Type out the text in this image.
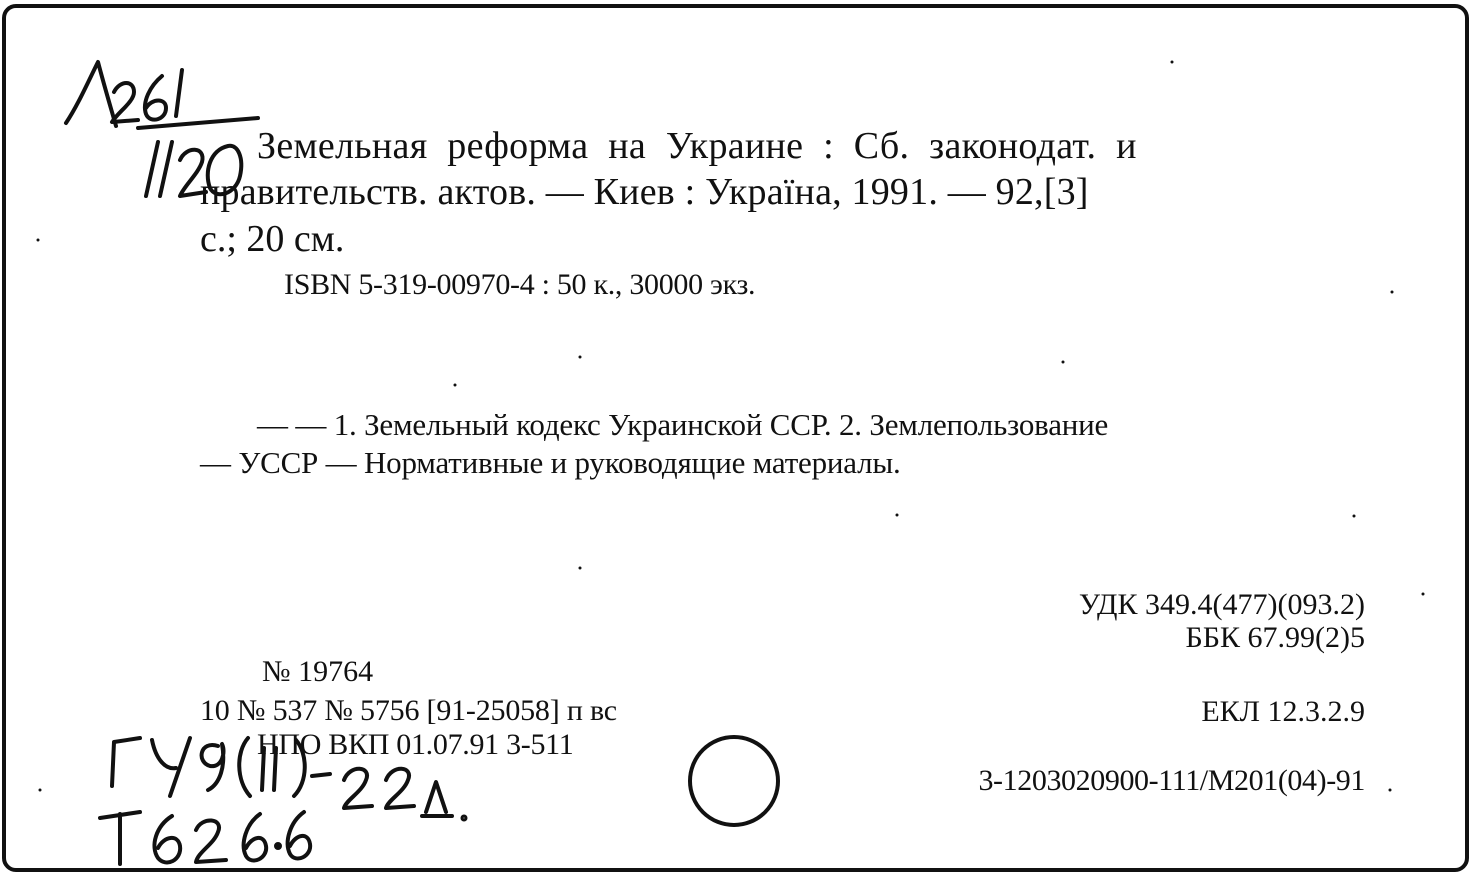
Земельная реформа на Украине : Сб. законодат. и
правительств. актов. — Киев : Україна, 1991. — 92,[3]
с.; 20 см.
ISBN 5-319-00970-4 : 50 к., 30000 экз.
— — 1. Земельный кодекс Украинской ССР. 2. Землепользование
— УССР — Нормативные и руководящие материалы.
УДК 349.4(477)(093.2)
ББК 67.99(2)5
ЕКЛ 12.3.2.9
3-1203020900-111/М201(04)-91
№ 19764
10 № 537 № 5756 [91-25058] п вс
НПО ВКП 01.07.91 3-511
